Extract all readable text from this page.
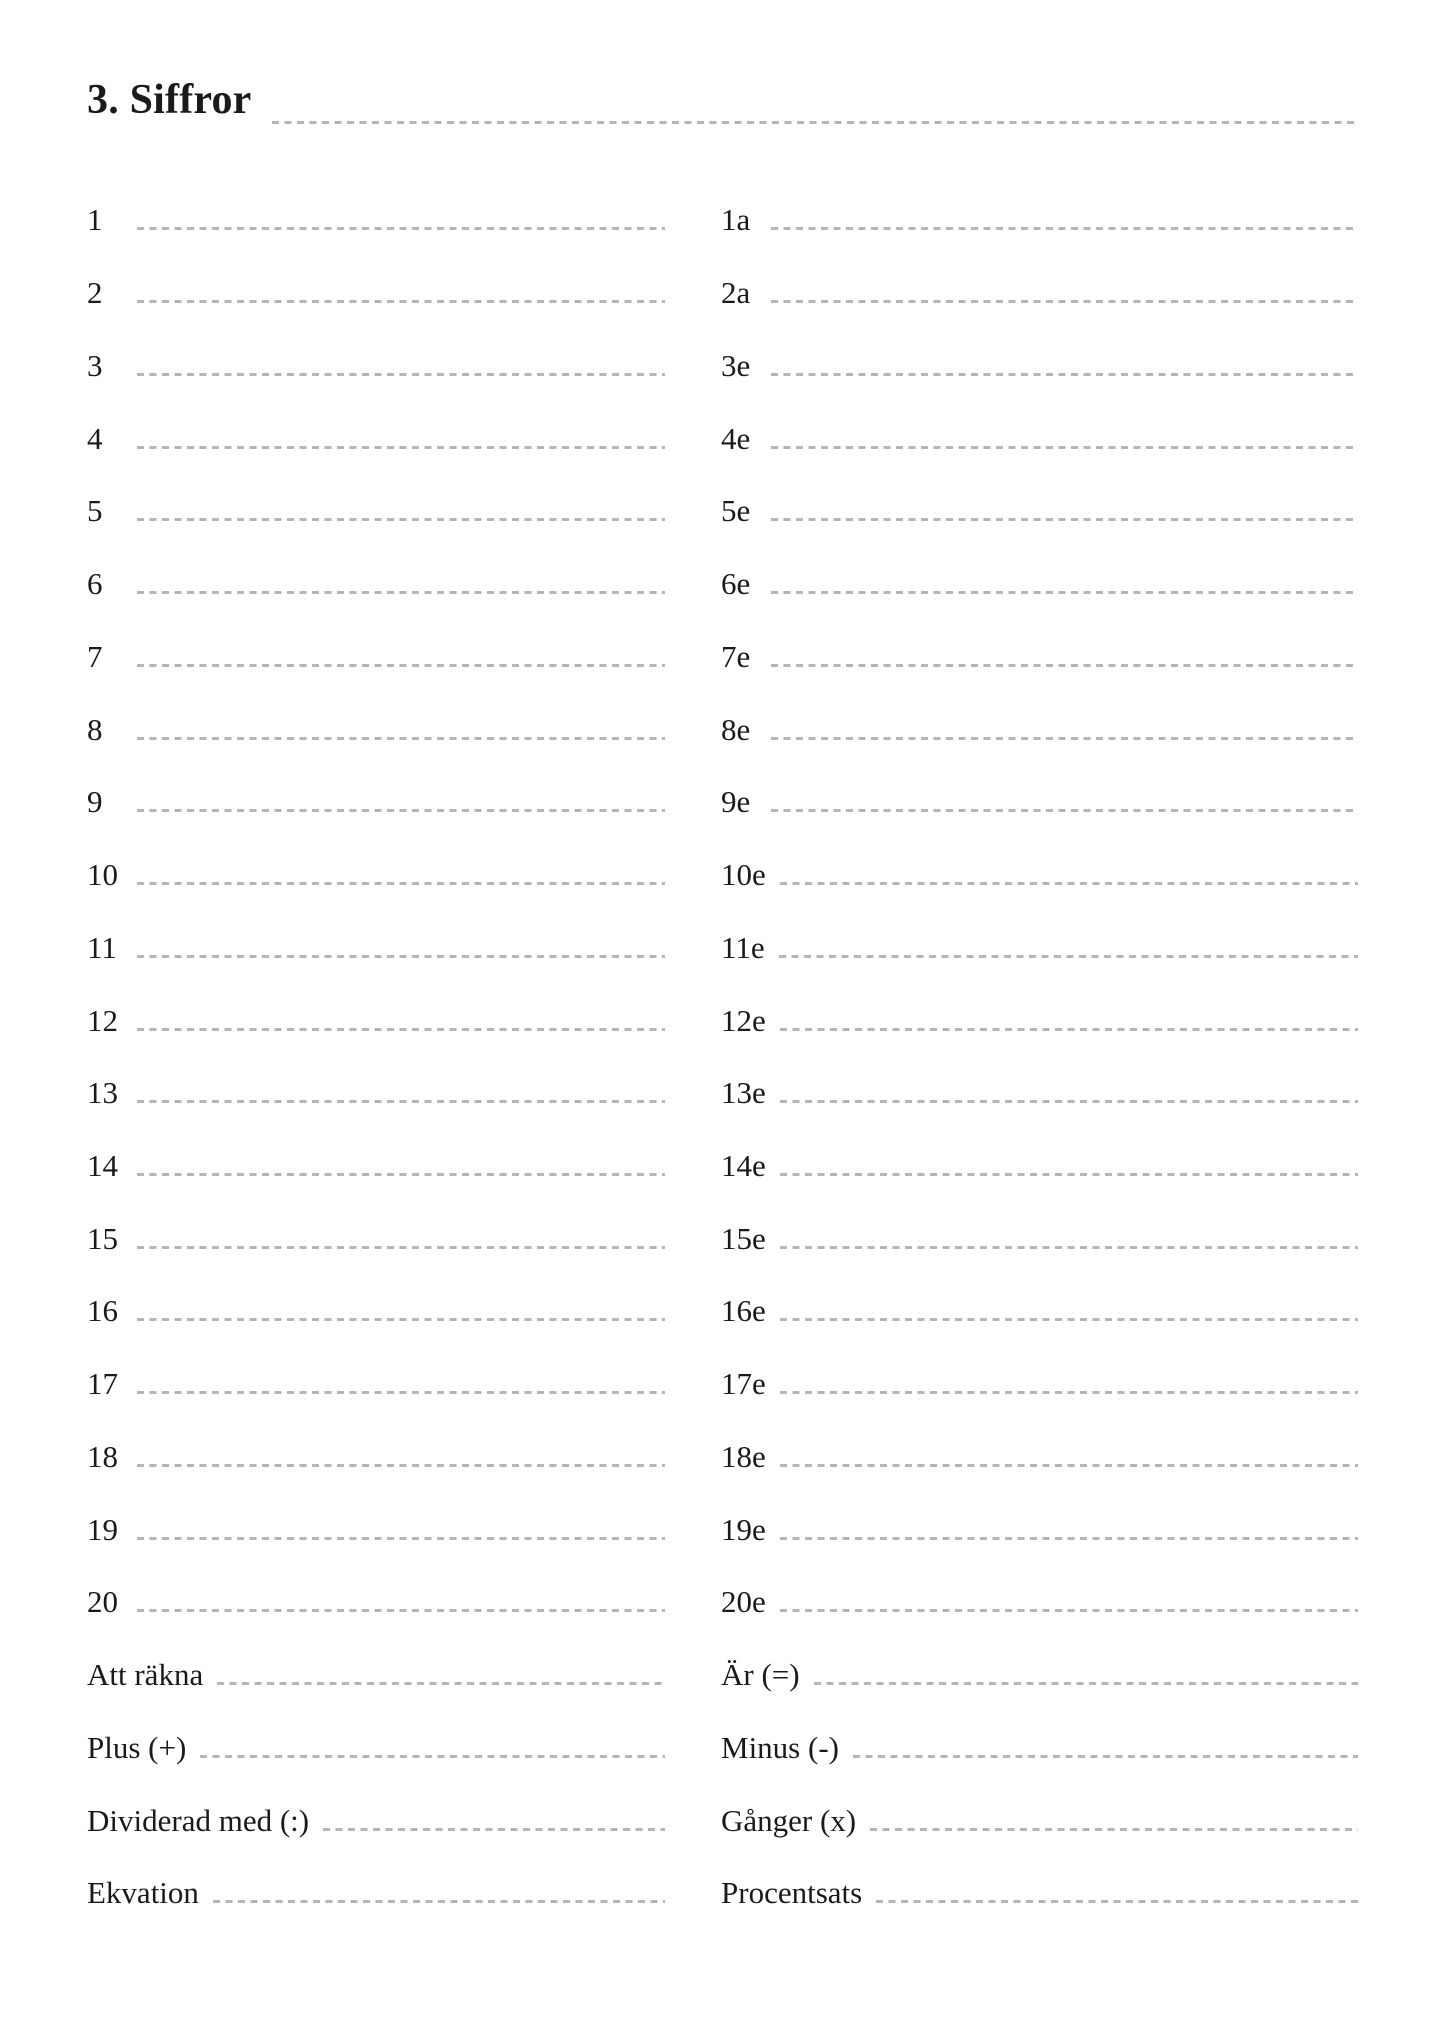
3. Siffror
1
2
3
4
5
6
7
8
9
10
11
12
13
14
15
16
17
18
19
20
Att räkna
Plus (+)
Dividerad med (:)
Ekvation
1a
2a
3e
4e
5e
6e
7e
8e
9e
10e
11e
12e
13e
14e
15e
16e
17e
18e
19e
20e
Är (=)
Minus (-)
Gånger (x)
Procentsats
